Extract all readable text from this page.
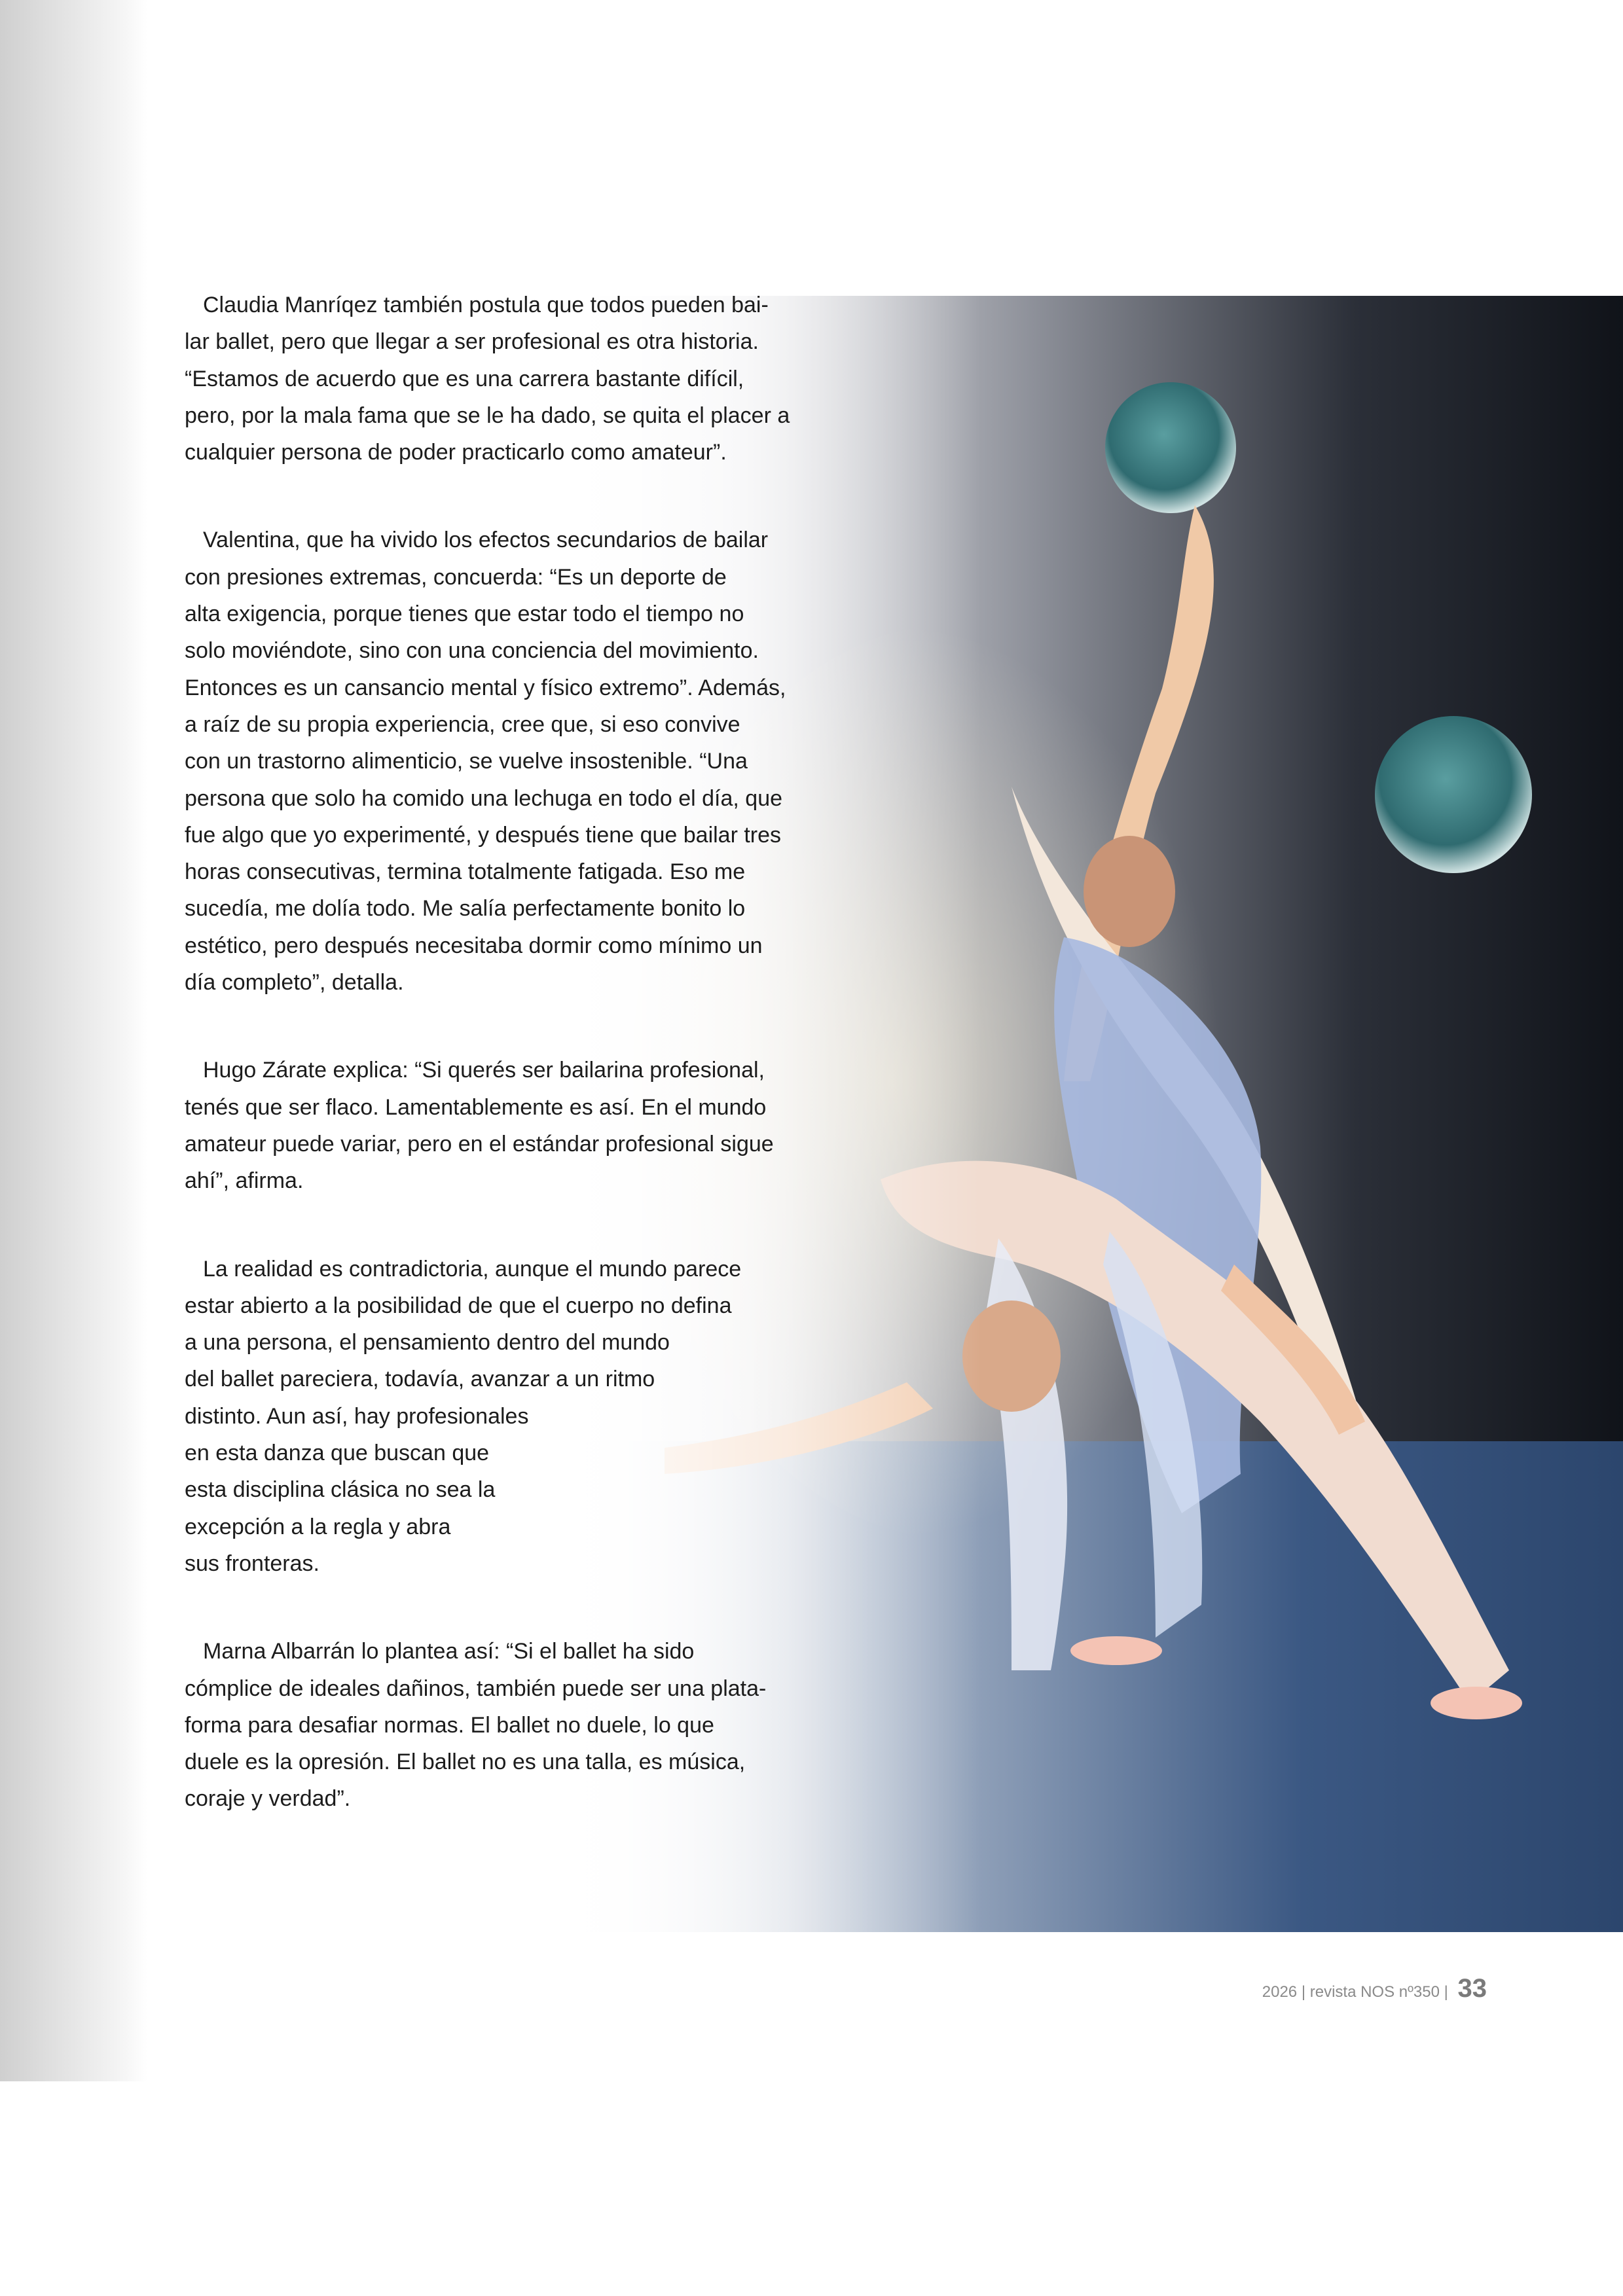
Claudia Manríqez también postula que todos pueden bai-
lar ballet, pero que llegar a ser profesional es otra historia.
“Estamos de acuerdo que es una carrera bastante difícil,
pero, por la mala fama que se le ha dado, se quita el placer a
cualquier persona de poder practicarlo como amateur”.
Valentina, que ha vivido los efectos secundarios de bailar
con presiones extremas, concuerda: “Es un deporte de
alta exigencia, porque tienes que estar todo el tiempo no
solo moviéndote, sino con una conciencia del movimiento.
Entonces es un cansancio mental y físico extremo”. Además,
a raíz de su propia experiencia, cree que, si eso convive
con un trastorno alimenticio, se vuelve insostenible. “Una
persona que solo ha comido una lechuga en todo el día, que
fue algo que yo experimenté, y después tiene que bailar tres
horas consecutivas, termina totalmente fatigada. Eso me
sucedía, me dolía todo. Me salía perfectamente bonito lo
estético, pero después necesitaba dormir como mínimo un
día completo”, detalla.
Hugo Zárate explica: “Si querés ser bailarina profesional,
tenés que ser flaco. Lamentablemente es así. En el mundo
amateur puede variar, pero en el estándar profesional sigue
ahí”, afirma.
La realidad es contradictoria, aunque el mundo parece
estar abierto a la posibilidad de que el cuerpo no defina
a una persona, el pensamiento dentro del mundo
del ballet pareciera, todavía, avanzar a un ritmo
distinto. Aun así, hay profesionales
en esta danza que buscan que
esta disciplina clásica no sea la
excepción a la regla y abra
sus fronteras.
Marna Albarrán lo plantea así: “Si el ballet ha sido
cómplice de ideales dañinos, también puede ser una plata-
forma para desafiar normas. El ballet no duele, lo que
duele es la opresión. El ballet no es una talla, es música,
coraje y verdad”.
2026 | revista NOS nº350 | 33
